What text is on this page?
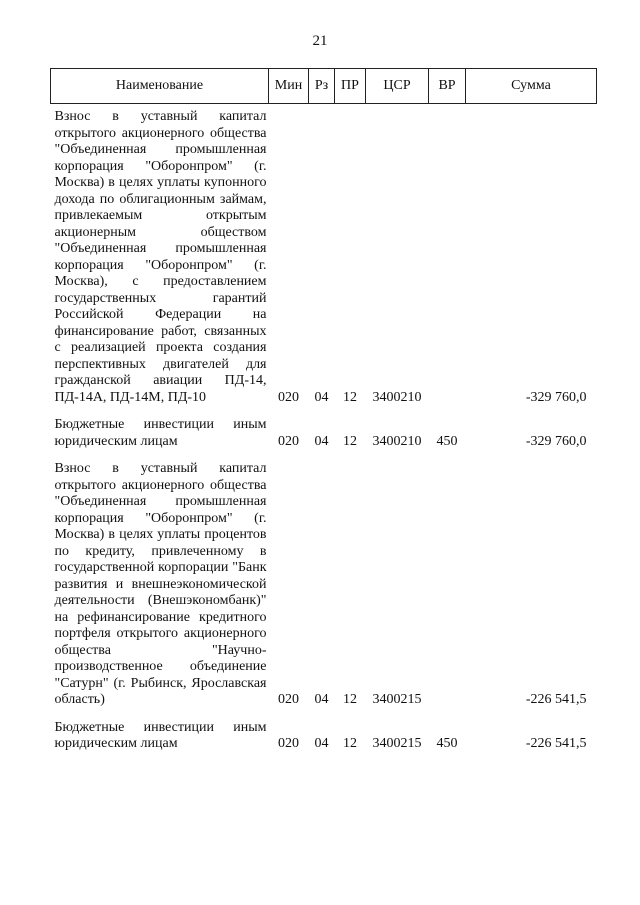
21
Наименование	Мин	Рз	ПР	ЦСР	ВР	Сумма
Взнос в уставный капитал открытого акционерного общества "Объединенная промышленная корпорация "Оборонпром" (г. Москва) в целях уплаты купонного дохода по облигационным займам, привлекаемым открытым акционерным обществом "Объединенная промышленная корпорация "Оборонпром" (г. Москва), с предоставлением государственных гарантий Российской Федерации на финансирование работ, связанных с реализацией проекта создания перспективных двигателей для гражданской авиации ПД-14, ПД-14А, ПД-14М, ПД-10	020	04	12	3400210		-329 760,0
Бюджетные инвестиции иным юридическим лицам	020	04	12	3400210	450	-329 760,0
Взнос в уставный капитал открытого акционерного общества "Объединенная промышленная корпорация "Оборонпром" (г. Москва) в целях уплаты процентов по кредиту, привлеченному в государственной корпорации "Банк развития и внешнеэкономической деятельности (Внешэкономбанк)" на рефинансирование кредитного портфеля открытого акционерного общества "Научно-производственное объединение "Сатурн" (г. Рыбинск, Ярославская область)	020	04	12	3400215		-226 541,5
Бюджетные инвестиции иным юридическим лицам	020	04	12	3400215	450	-226 541,5
